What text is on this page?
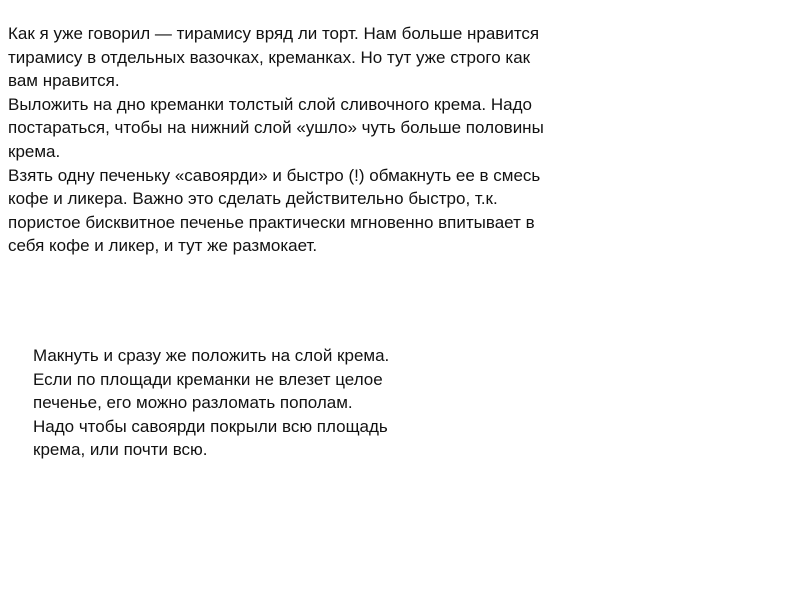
Как я уже говорил — тирамису вряд ли торт. Нам больше нравится
тирамису в отдельных вазочках, креманках. Но тут уже строго как
вам нравится.
Выложить на дно креманки толстый слой сливочного крема. Надо
постараться, чтобы на нижний слой «ушло» чуть больше половины
крема.
Взять одну печеньку «савоярди» и быстро (!) обмакнуть ее в смесь
кофе и ликера. Важно это сделать действительно быстро, т.к.
пористое бисквитное печенье практически мгновенно впитывает в
себя кофе и ликер, и тут же размокает.
Макнуть и сразу же положить на слой крема.
Если по площади креманки не влезет целое
печенье, его можно разломать пополам.
Надо чтобы савоярди покрыли всю площадь
крема, или почти всю.
